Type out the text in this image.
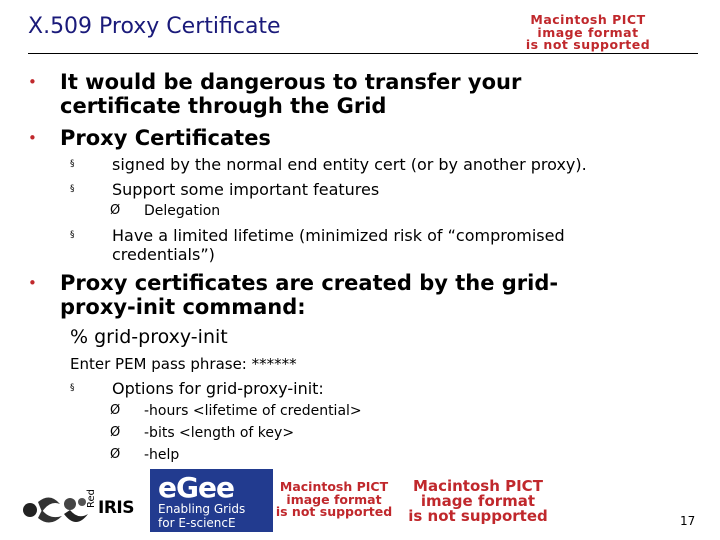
X.509 Proxy Certificate	Macintosh PICT
image format
is not supported
• It would be dangerous to transfer your
certificate through the Grid
• Proxy Certificates
§ signed by the normal end entity cert (or by another proxy).
§ Support some important features
Ø Delegation
§ Have a limited lifetime (minimized risk of “compromised
credentials”)
• Proxy certificates are created by the grid-
proxy-init command:
% grid-proxy-init
Enter PEM pass phrase: ******
§ Options for grid-proxy-init:
Ø -hours <lifetime of credential>
Ø -bits <length of key>
Ø -help
Red IRIS
eGee
Enabling Grids
for E-sciencE
Macintosh PICT
image format
is not supported
Macintosh PICT
image format
is not supported	17
